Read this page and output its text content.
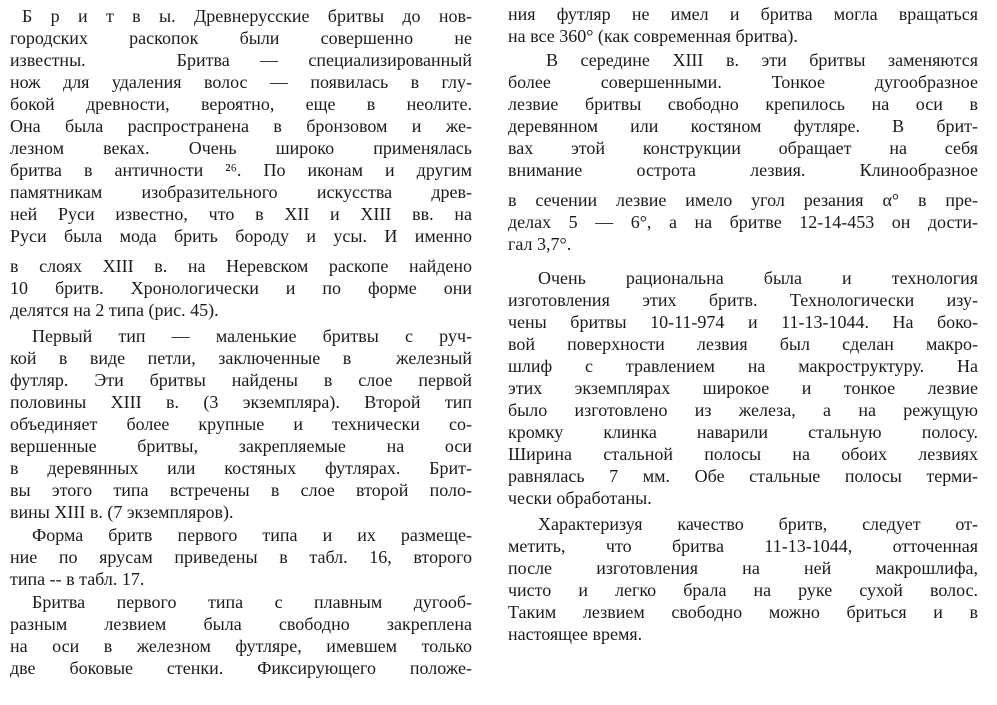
Б р и т в ы. Древнерусские бритвы до нов-
городских раскопок были совершенно не
известны.   Бритва — специализированный
нож для удаления волос — появилась в глу-
бокой древности, вероятно, еще в неолите.
Она была распространена в бронзовом и же-
лезном веках. Очень широко применялась
бритва в античности ²⁶. По иконам и другим
памятникам изобразительного искусства древ-
ней Руси известно, что в XII и XIII вв. на
Руси была мода брить бороду и усы. И именно
в слоях XIII в. на Неревском раскопе найдено
10 бритв. Хронологически и по форме они
делятся на 2 типа (рис. 45).
Первый тип — маленькие бритвы с руч-
кой в виде петли, заключенные в  железный
футляр. Эти бритвы найдены в слое первой
половины XIII в. (3 экземпляра). Второй тип
объединяет более крупные и технически со-
вершенные бритвы, закрепляемые на оси
в деревянных или костяных футлярах. Брит-
вы этого типа встречены в слое второй поло-
вины XIII в. (7 экземпляров).
Форма бритв первого типа и их размеще-
ние по ярусам приведены в табл. 16, второго
типа -- в табл. 17.
Бритва первого типа с плавным дугооб-
разным лезвием была свободно закреплена
на оси в железном футляре, имевшем только
две боковые стенки. Фиксирующего положе-
ния футляр не имел и бритва могла вращаться
на все 360° (как современная бритва).
В середине XIII в. эти бритвы заменяются
более совершенными. Тонкое дугообразное
лезвие бритвы свободно крепилось на оси в
деревянном или костяном футляре. В брит-
вах этой конструкции обращает на себя
внимание острота лезвия. Клинообразное
в сечении лезвие имело угол резания α° в пре-
делах 5 — 6°, а на бритве 12-14-453 он дости-
гал 3,7°.
Очень рациональна была и технология
изготовления этих бритв. Технологически изу-
чены бритвы 10-11-974 и 11-13-1044. На боко-
вой поверхности лезвия был сделан макро-
шлиф с травлением на макроструктуру. На
этих экземплярах широкое и тонкое лезвие
было изготовлено из железа, а на режущую
кромку клинка наварили стальную полосу.
Ширина стальной полосы на обоих лезвиях
равнялась 7 мм. Обе стальные полосы терми-
чески обработаны.
Характеризуя качество бритв, следует от-
метить, что бритва 11-13-1044, отточенная
после изготовления на ней макрошлифа,
чисто и легко брала на руке сухой волос.
Таким лезвием свободно можно бриться и в
настоящее время.
